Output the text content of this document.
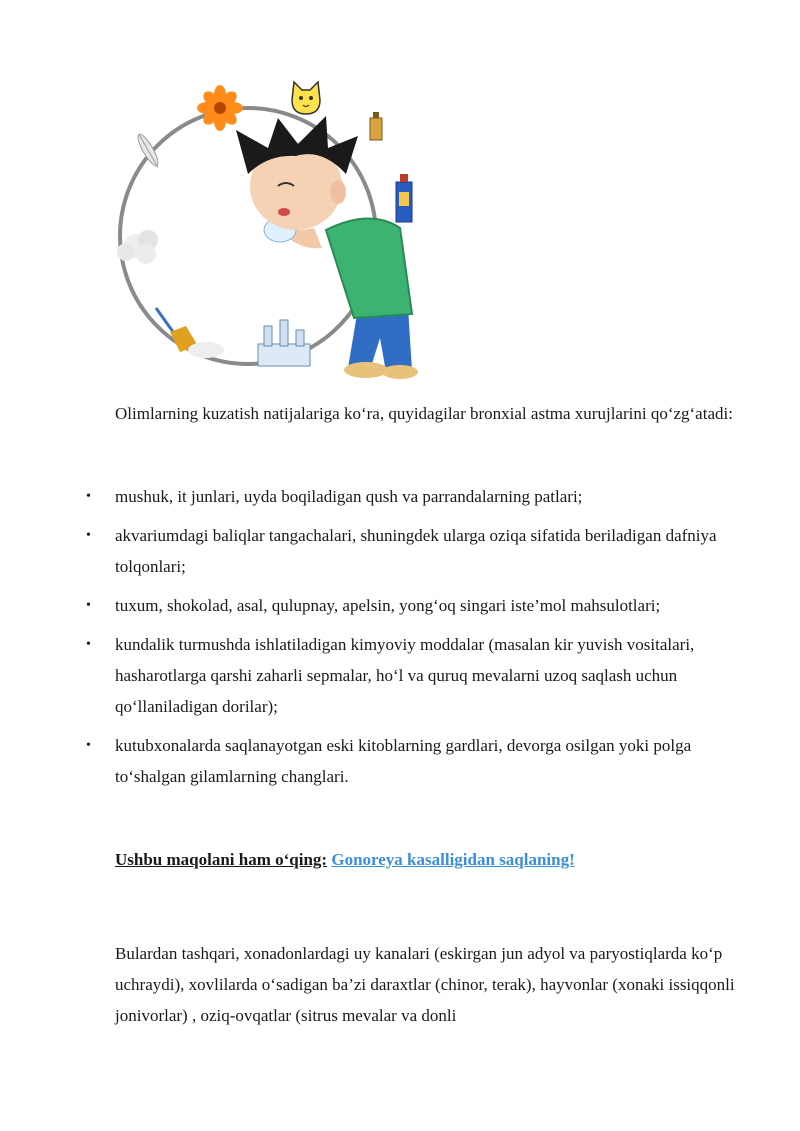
Olimlarning kuzatish natijalariga ko‘ra, quyidagilar bronxial astma xurujlarini qo‘zg‘atadi:

• mushuk, it junlari, uyda boqiladigan qush va parrandalarning patlari;
• akvariumdagi baliqlar tangachalari, shuningdek ularga oziqa sifatida beriladigan dafniya tolqonlari;
• tuxum, shokolad, asal, qulupnay, apelsin, yong‘oq singari iste’mol mahsulotlari;
• kundalik turmushda ishlatiladigan kimyoviy moddalar (masalan kir yuvish vositalari, hasharotlarga qarshi zaharli sepmalar, ho‘l va quruq mevalarni uzoq saqlash uchun qo‘llaniladigan dorilar);
• kutubxonalarda saqlanayotgan eski kitoblarning gardlari, devorga osilgan yoki polga to‘shalgan gilamlarning changlari.

Ushbu maqolani ham o‘qing: Gonoreya kasalligidan saqlaning!

Bulardan tashqari, xonadonlardagi uy kanalari (eskirgan jun adyol va paryostiqlarda ko‘p uchraydi), xovlilarda o‘sadigan ba’zi daraxtlar (chinor, terak), hayvonlar (xonaki issiqqonli jonivorlar) , oziq-ovqatlar (sitrus mevalar va donli
